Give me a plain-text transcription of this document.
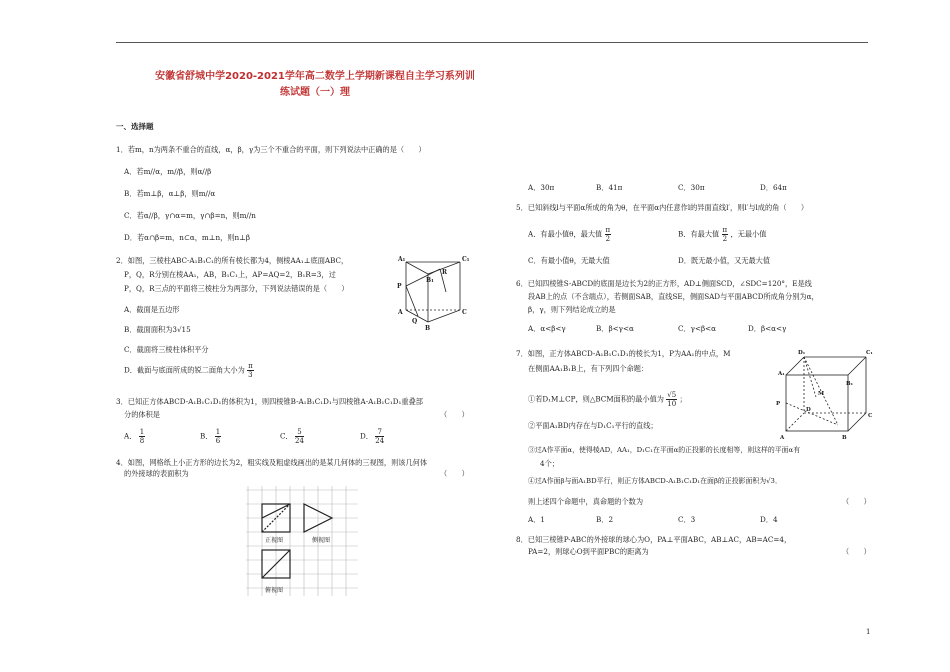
安徽省舒城中学2020-2021学年高二数学上学期新课程自主学习系列训
练试题（一）理
一、选择题
1．若m，n为两条不重合的直线，α，β，γ为三个不重合的平面，则下列说法中正确的是（　　）
A．若m//α，m//β，则α//β
B．若m⊥β，α⊥β，则m//α
C．若α//β，γ∩α=m，γ∩β=n，则m//n
D．若α∩β=m，n⊂α，m⊥n，则n⊥β
2．如图，三棱柱ABC-A₁B₁C₁的所有棱长都为4，侧棱AA₁⊥底面ABC，
P，Q，R分别在棱AA₁，AB，B₁C₁上，AP=AQ=2，B₁R=3，过
P，Q，R三点的平面将三棱柱分为两部分，下列说法错误的是（　　）
A．截面是五边形
B．截面面积为3√15
C．截面将三棱柱体积平分
D．截面与底面所成的锐二面角大小为 $\frac{\pi}{3}$
A₁
B₁
C₁
R
P
A
Q
B
C
3．已知正方体ABCD-A₁B₁C₁D₁的体积为1，则四棱锥B-A₁B₁C₁D₁与四棱锥A-A₁B₁C₁D₁重叠部
分的体积是	（　　）
A． $\frac{1}{8}$	B． $\frac{1}{6}$	C． $\frac{5}{24}$	D． $\frac{7}{24}$
4．如图，网格纸上小正方形的边长为2，粗实线及粗虚线画出的是某几何体的三视图，则该几何体
的外接球的表面积为	（　　）
正视图	侧视图
俯视图
A．30π	B．41π	C．30π	D．64π
5．已知斜线l与平面α所成的角为θ，在平面α内任意作l的异面直线l′，则l′与l成的角（　　）
A．有最小值θ，最大值 $\frac{\pi}{2}$	B．有最大值 $\frac{\pi}{2}$ ，无最小值
C．有最小值θ，无最大值	D．既无最小值，又无最大值
6．已知四棱锥S-ABCD的底面是边长为2的正方形，AD⊥侧面SCD，∠SDC=120°，E是线
段AB上的点（不含端点），若侧面SAB，直线SE，侧面SAD与平面ABCD所成角分别为α，
β，γ，则下列结论成立的是
A．α<β<γ	B．β<γ<α	C．γ<β<α	D．β<α<γ
7．如图，正方体ABCD-A₁B₁C₁D₁的棱长为1，P为AA₁的中点，M
在侧面AA₁B₁B上，有下列四个命题：
①若D₁M⊥CP，则△BCM面积的最小值为 $\frac{√5}{10}$ ；
②平面A₁BD内存在与D₁C₁平行的直线；
③过A作平面α，使得棱AD，AA₁，D₁C₁在平面α的正投影的长度相等，则这样的平面α有
4个；
④过A作面β与面A₁BD平行，则正方体ABCD-A₁B₁C₁D₁在面β的正投影面积为√3．
则上述四个命题中，真命题的个数为	（　　）
A．1	B．2	C．3	D．4
D₁	C₁
A₁
B₁
P
M
D
C
A	B
8．已知三棱锥P-ABC的外接球的球心为O，PA⊥平面ABC，AB⊥AC，AB=AC=4，
PA=2，则球心O到平面PBC的距离为	（　　）
1
